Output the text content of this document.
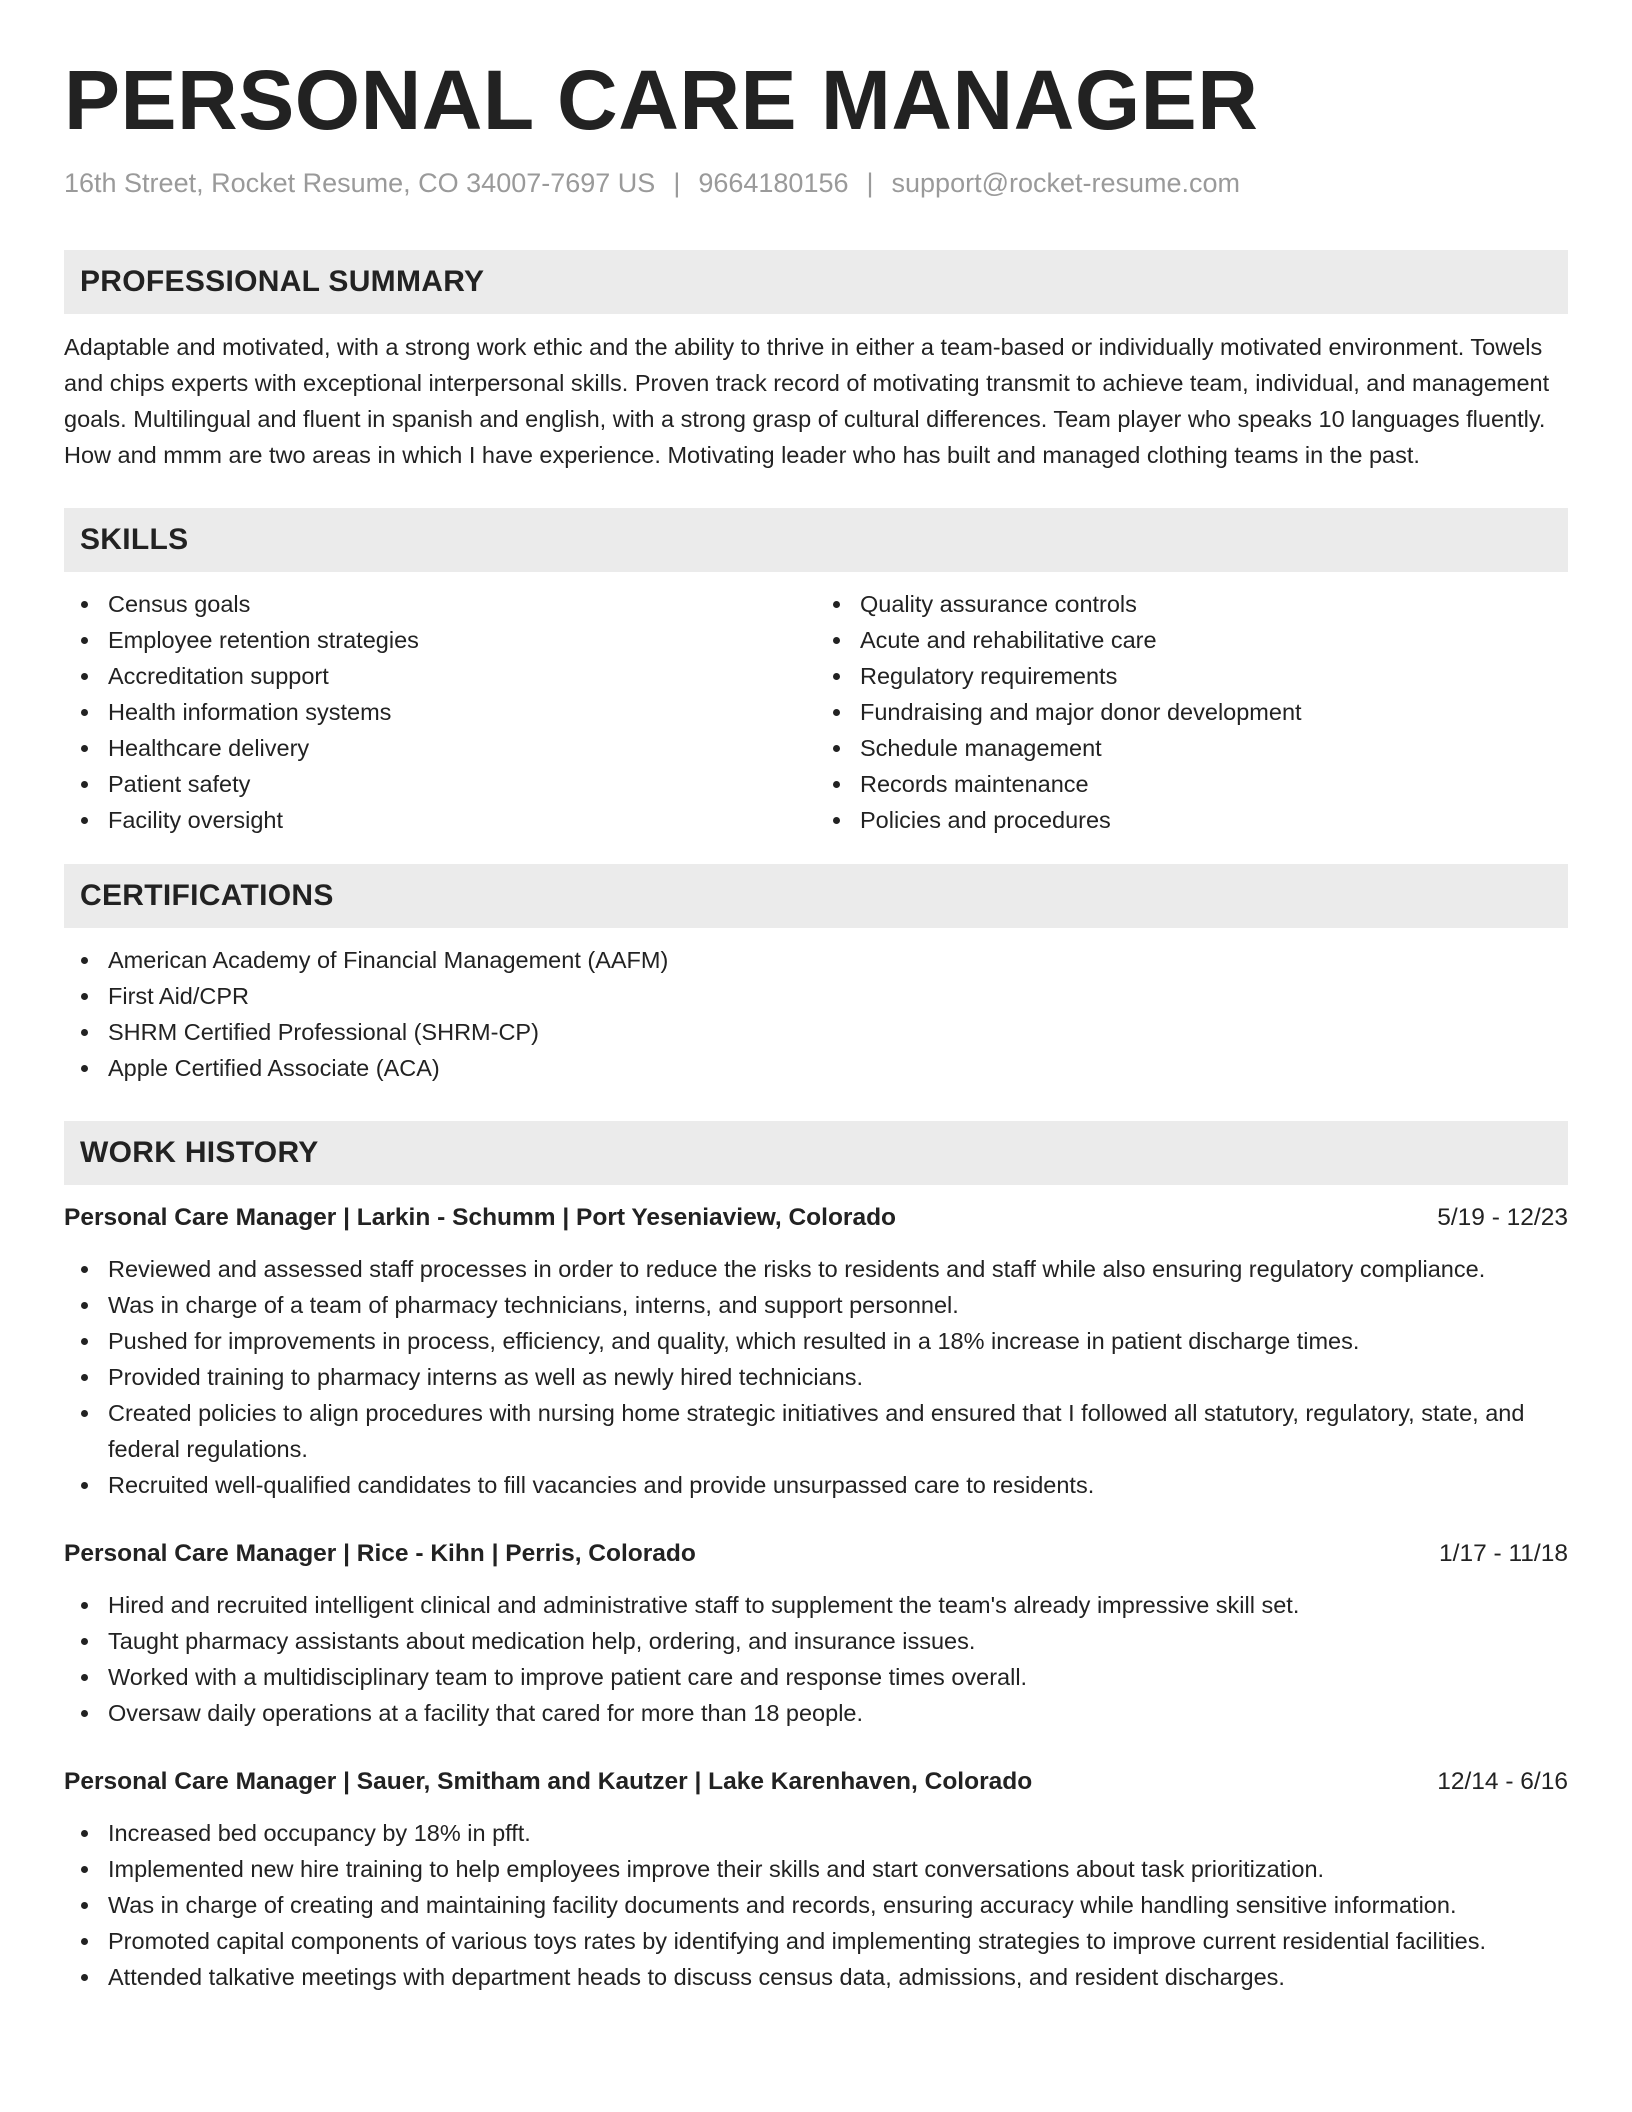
PERSONAL CARE MANAGER
16th Street, Rocket Resume, CO 34007-7697 US | 9664180156 | support@rocket-resume.com
PROFESSIONAL SUMMARY

Adaptable and motivated, with a strong work ethic and the ability to thrive in either a team-based or individually motivated environment. Towels and chips experts with exceptional interpersonal skills. Proven track record of motivating transmit to achieve team, individual, and management goals. Multilingual and fluent in spanish and english, with a strong grasp of cultural differences. Team player who speaks 10 languages fluently. How and mmm are two areas in which I have experience. Motivating leader who has built and managed clothing teams in the past.

SKILLS
Census goals
Employee retention strategies
Accreditation support
Health information systems
Healthcare delivery
Patient safety
Facility oversight
Quality assurance controls
Acute and rehabilitative care
Regulatory requirements
Fundraising and major donor development
Schedule management
Records maintenance
Policies and procedures
CERTIFICATIONS
American Academy of Financial Management (AAFM)
First Aid/CPR
SHRM Certified Professional (SHRM-CP)
Apple Certified Associate (ACA)
WORK HISTORY
Personal Care Manager | Larkin - Schumm | Port Yeseniaview, Colorado	5/19 - 12/23
Reviewed and assessed staff processes in order to reduce the risks to residents and staff while also ensuring regulatory compliance.
Was in charge of a team of pharmacy technicians, interns, and support personnel.
Pushed for improvements in process, efficiency, and quality, which resulted in a 18% increase in patient discharge times.
Provided training to pharmacy interns as well as newly hired technicians.
Created policies to align procedures with nursing home strategic initiatives and ensured that I followed all statutory, regulatory, state, and federal regulations.
Recruited well-qualified candidates to fill vacancies and provide unsurpassed care to residents.
Personal Care Manager | Rice - Kihn | Perris, Colorado	1/17 - 11/18
Hired and recruited intelligent clinical and administrative staff to supplement the team's already impressive skill set.
Taught pharmacy assistants about medication help, ordering, and insurance issues.
Worked with a multidisciplinary team to improve patient care and response times overall.
Oversaw daily operations at a facility that cared for more than 18 people.
Personal Care Manager | Sauer, Smitham and Kautzer | Lake Karenhaven, Colorado	12/14 - 6/16
Increased bed occupancy by 18% in pfft.
Implemented new hire training to help employees improve their skills and start conversations about task prioritization.
Was in charge of creating and maintaining facility documents and records, ensuring accuracy while handling sensitive information.
Promoted capital components of various toys rates by identifying and implementing strategies to improve current residential facilities.
Attended talkative meetings with department heads to discuss census data, admissions, and resident discharges.
